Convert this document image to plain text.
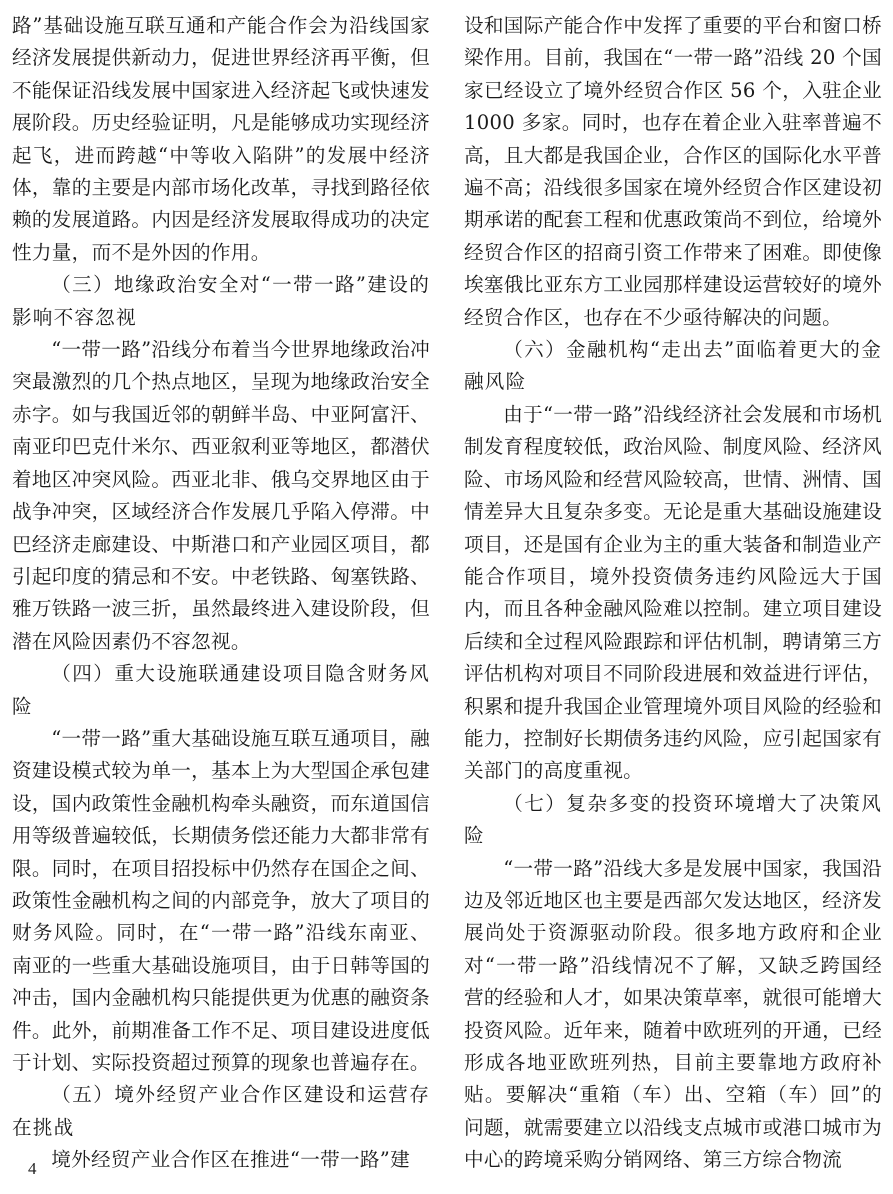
路”基础设施互联互通和产能合作会为沿线国家经济发展提供新动力，促进世界经济再平衡，但不能保证沿线发展中国家进入经济起飞或快速发展阶段。历史经验证明，凡是能够成功实现经济起飞，进而跨越“中等收入陷阱”的发展中经济体，靠的主要是内部市场化改革，寻找到路径依赖的发展道路。内因是经济发展取得成功的决定性力量，而不是外因的作用。

（三）地缘政治安全对“一带一路”建设的影响不容忽视

“一带一路”沿线分布着当今世界地缘政治冲突最激烈的几个热点地区，呈现为地缘政治安全赤字。如与我国近邻的朝鲜半岛、中亚阿富汗、南亚印巴克什米尔、西亚叙利亚等地区，都潜伏着地区冲突风险。西亚北非、俄乌交界地区由于战争冲突，区域经济合作发展几乎陷入停滞。中巴经济走廊建设、中斯港口和产业园区项目，都引起印度的猜忌和不安。中老铁路、匈塞铁路、雅万铁路一波三折，虽然最终进入建设阶段，但潜在风险因素仍不容忽视。

（四）重大设施联通建设项目隐含财务风险

“一带一路”重大基础设施互联互通项目，融资建设模式较为单一，基本上为大型国企承包建设，国内政策性金融机构牵头融资，而东道国信用等级普遍较低，长期债务偿还能力大都非常有限。同时，在项目招投标中仍然存在国企之间、政策性金融机构之间的内部竞争，放大了项目的财务风险。同时，在“一带一路”沿线东南亚、南亚的一些重大基础设施项目，由于日韩等国的冲击，国内金融机构只能提供更为优惠的融资条件。此外，前期准备工作不足、项目建设进度低于计划、实际投资超过预算的现象也普遍存在。

（五）境外经贸产业合作区建设和运营存在挑战

境外经贸产业合作区在推进“一带一路”建

设和国际产能合作中发挥了重要的平台和窗口桥梁作用。目前，我国在“一带一路”沿线 20 个国家已经设立了境外经贸合作区 56 个，入驻企业 1000 多家。同时，也存在着企业入驻率普遍不高，且大都是我国企业，合作区的国际化水平普遍不高；沿线很多国家在境外经贸合作区建设初期承诺的配套工程和优惠政策尚不到位，给境外经贸合作区的招商引资工作带来了困难。即使像埃塞俄比亚东方工业园那样建设运营较好的境外经贸合作区，也存在不少亟待解决的问题。

（六）金融机构“走出去”面临着更大的金融风险

由于“一带一路”沿线经济社会发展和市场机制发育程度较低，政治风险、制度风险、经济风险、市场风险和经营风险较高，世情、洲情、国情差异大且复杂多变。无论是重大基础设施建设项目，还是国有企业为主的重大装备和制造业产能合作项目，境外投资债务违约风险远大于国内，而且各种金融风险难以控制。建立项目建设后续和全过程风险跟踪和评估机制，聘请第三方评估机构对项目不同阶段进展和效益进行评估，积累和提升我国企业管理境外项目风险的经验和能力，控制好长期债务违约风险，应引起国家有关部门的高度重视。

（七）复杂多变的投资环境增大了决策风险

“一带一路”沿线大多是发展中国家，我国沿边及邻近地区也主要是西部欠发达地区，经济发展尚处于资源驱动阶段。很多地方政府和企业对“一带一路”沿线情况不了解，又缺乏跨国经营的经验和人才，如果决策草率，就很可能增大投资风险。近年来，随着中欧班列的开通，已经形成各地亚欧班列热，目前主要靠地方政府补贴。要解决“重箱（车）出、空箱（车）回”的问题，就需要建立以沿线支点城市或港口城市为中心的跨境采购分销网络、第三方综合物流

4
